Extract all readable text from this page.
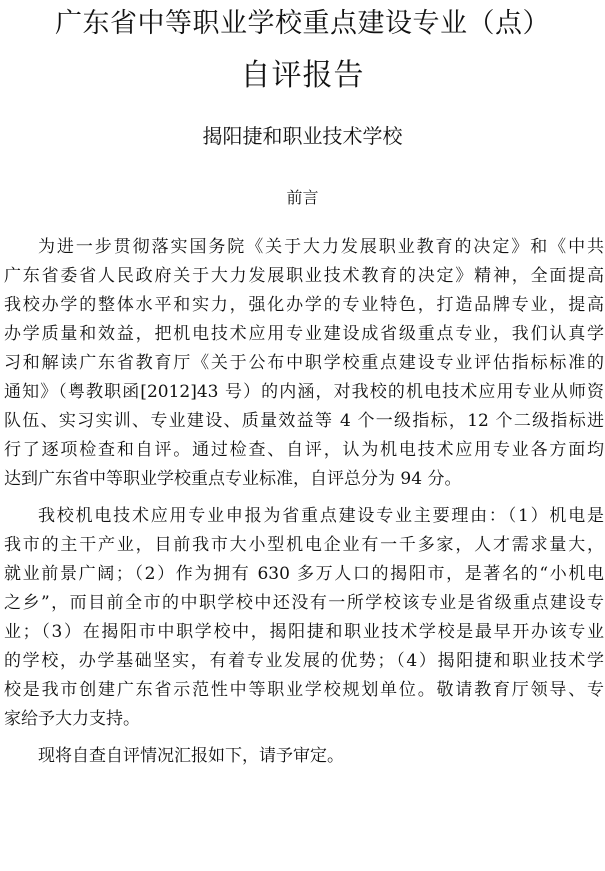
广东省中等职业学校重点建设专业（点）
自评报告
揭阳捷和职业技术学校
前言
为进一步贯彻落实国务院《关于大力发展职业教育的决定》和《中共
广东省委省人民政府关于大力发展职业技术教育的决定》精神，全面提高
我校办学的整体水平和实力，强化办学的专业特色，打造品牌专业，提高
办学质量和效益，把机电技术应用专业建设成省级重点专业，我们认真学
习和解读广东省教育厅《关于公布中职学校重点建设专业评估指标标准的
通知》（粤教职函[2012]43 号）的内涵，对我校的机电技术应用专业从师资
队伍、实习实训、专业建设、质量效益等 4 个一级指标，12 个二级指标进
行了逐项检查和自评。通过检查、自评，认为机电技术应用专业各方面均
达到广东省中等职业学校重点专业标准，自评总分为 94 分。
我校机电技术应用专业申报为省重点建设专业主要理由：（1）机电是
我市的主干产业，目前我市大小型机电企业有一千多家，人才需求量大，
就业前景广阔；（2）作为拥有 630 多万人口的揭阳市，是著名的“小机电
之乡”，而目前全市的中职学校中还没有一所学校该专业是省级重点建设专
业；（3）在揭阳市中职学校中，揭阳捷和职业技术学校是最早开办该专业
的学校，办学基础坚实，有着专业发展的优势；（4）揭阳捷和职业技术学
校是我市创建广东省示范性中等职业学校规划单位。敬请教育厅领导、专
家给予大力支持。
现将自查自评情况汇报如下，请予审定。
